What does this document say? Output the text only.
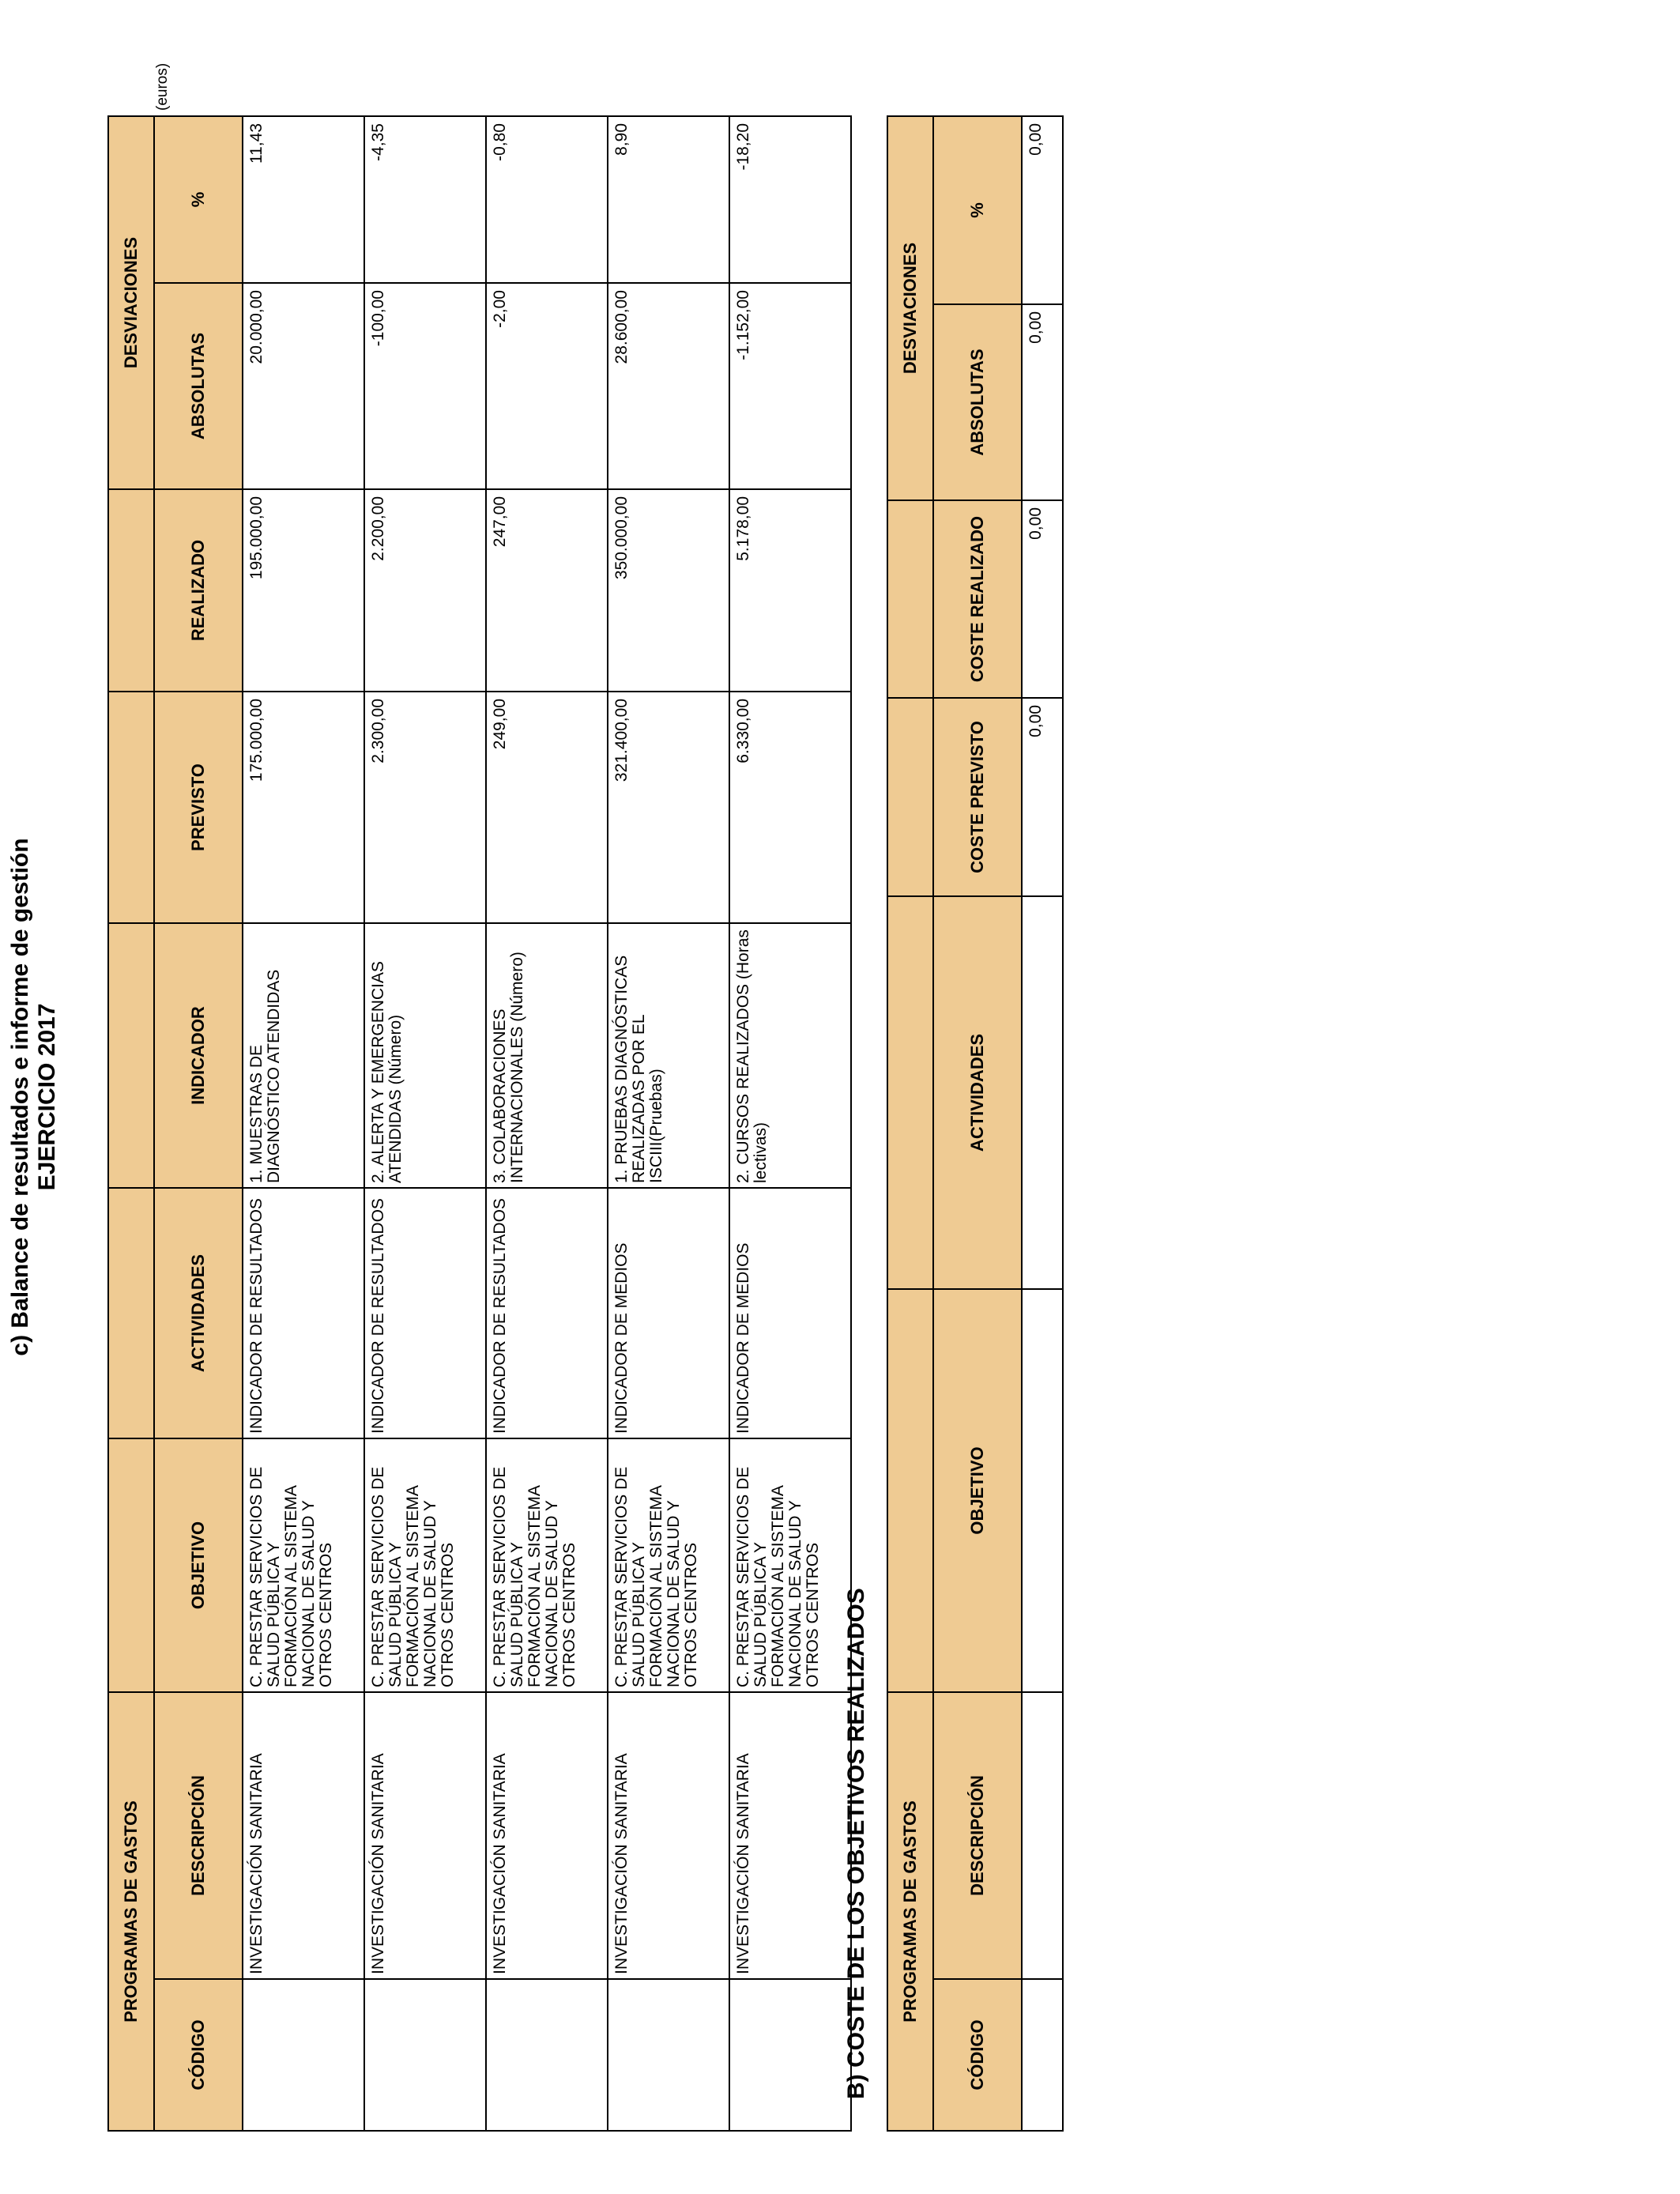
(euros)
c) Balance de resultados e informe de gestión EJERCICIO 2017
PROGRAMAS DE GASTOS							DESVIACIONES	
CÓDIGO	DESCRIPCIÓN	OBJETIVO	ACTIVIDADES	INDICADOR	PREVISTO	REALIZADO	ABSOLUTAS	%
	INVESTIGACIÓN SANITARIA	C. PRESTAR SERVICIOS DE SALUD PÚBLICA Y FORMACIÓN AL SISTEMA NACIONAL DE SALUD Y OTROS CENTROS	INDICADOR DE RESULTADOS	1. MUESTRAS DE DIAGNÓSTICO ATENDIDAS	175.000,00	195.000,00	20.000,00	11,43
	INVESTIGACIÓN SANITARIA	C. PRESTAR SERVICIOS DE SALUD PÚBLICA Y FORMACIÓN AL SISTEMA NACIONAL DE SALUD Y OTROS CENTROS	INDICADOR DE RESULTADOS	2. ALERTA Y EMERGENCIAS ATENDIDAS (Número)	2.300,00	2.200,00	-100,00	-4,35
	INVESTIGACIÓN SANITARIA	C. PRESTAR SERVICIOS DE SALUD PÚBLICA Y FORMACIÓN AL SISTEMA NACIONAL DE SALUD Y OTROS CENTROS	INDICADOR DE RESULTADOS	3. COLABORACIONES INTERNACIONALES (Número)	249,00	247,00	-2,00	-0,80
	INVESTIGACIÓN SANITARIA	C. PRESTAR SERVICIOS DE SALUD PÚBLICA Y FORMACIÓN AL SISTEMA NACIONAL DE SALUD Y OTROS CENTROS	INDICADOR DE MEDIOS	1. PRUEBAS DIAGNÓSTICAS REALIZADAS POR EL ISCIII(Pruebas)	321.400,00	350.000,00	28.600,00	8,90
	INVESTIGACIÓN SANITARIA	C. PRESTAR SERVICIOS DE SALUD PÚBLICA Y FORMACIÓN AL SISTEMA NACIONAL DE SALUD Y OTROS CENTROS	INDICADOR DE MEDIOS	2. CURSOS REALIZADOS (Horas lectivas)	6.330,00	5.178,00	-1.152,00	-18,20
B) COSTE DE LOS OBJETIVOS REALIZADOS PROGRAMAS DE GASTOS						DESVIACIONES	
CÓDIGO	DESCRIPCIÓN	OBJETIVO	ACTIVIDADES	COSTE PREVISTO	COSTE REALIZADO	ABSOLUTAS	%
				0,00	0,00	0,00	0,00
